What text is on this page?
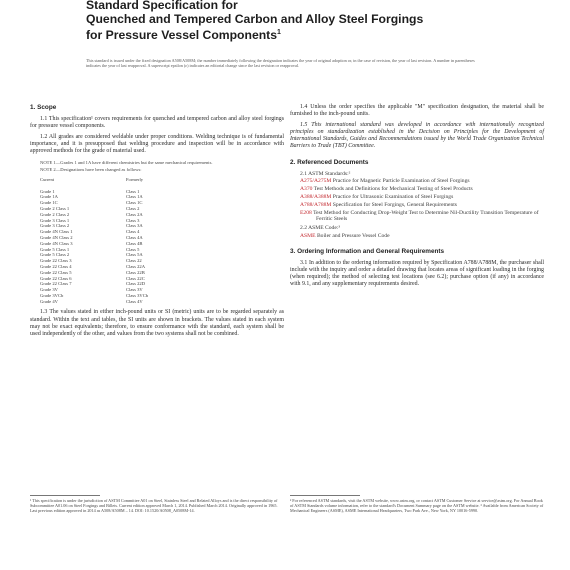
Standard Specification for
Quenched and Tempered Carbon and Alloy Steel Forgings
for Pressure Vessel Components$^1$
This standard is issued under the fixed designation A508/A508M; the number immediately following the designation indicates the year of original adoption or, in the case of revision, the year of last revision. A number in parentheses indicates the year of last reapproval. A superscript epsilon (ε) indicates an editorial change since the last revision or reapproval.
1. Scope

1.1 This specification¹ covers requirements for quenched and tempered carbon and alloy steel forgings for pressure vessel components.

1.2 All grades are considered weldable under proper conditions. Welding technique is of fundamental importance, and it is presupposed that welding procedure and inspection will be in accordance with approved methods for the grade of material used.

NOTE 1—Grades 1 and 1A have different chemistries but the same mechanical requirements.
NOTE 2—Designations have been changed as follows:
Current	Formerly
Grade 1	Class 1
Grade 1A	Class 1A
Grade 1C	Class 1C
Grade 2 Class 1	Class 2
Grade 2 Class 2	Class 2A
Grade 3 Class 1	Class 3
Grade 3 Class 2	Class 3A
Grade 4N Class 1	Class 4
Grade 4N Class 2	Class 4A
Grade 4N Class 3	Class 4B
Grade 5 Class 1	Class 5
Grade 5 Class 2	Class 5A
Grade 22 Class 3	Class 22
Grade 22 Class 4	Class 22A
Grade 22 Class 5	Class 22B
Grade 22 Class 6	Class 22C
Grade 22 Class 7	Class 22D
Grade 3V	Class 3V
Grade 3VCb	Class 3VCb
Grade 4V	Class 4V

1.3 The values stated in either inch-pound units or SI (metric) units are to be regarded separately as standard. Within the text and tables, the SI units are shown in brackets. The values stated in each system may not be exact equivalents; therefore, to ensure conformance with the standard, each system shall be used independently of the other, and values from the two systems shall not be combined.

1.4 Unless the order specifies the applicable "M" specification designation, the material shall be furnished to the inch-pound units.

1.5 This international standard was developed in accordance with internationally recognized principles on standardization established in the Decision on Principles for the Development of International Standards, Guides and Recommendations issued by the World Trade Organization Technical Barriers to Trade (TBT) Committee.

2. Referenced Documents
2.1 ASTM Standards:²
A275/A275M Practice for Magnetic Particle Examination of Steel Forgings
A370 Test Methods and Definitions for Mechanical Testing of Steel Products
A388/A388M Practice for Ultrasonic Examination of Steel Forgings
A788/A788M Specification for Steel Forgings, General Requirements
E208 Test Method for Conducting Drop-Weight Test to Determine Nil-Ductility Transition Temperature of Ferritic Steels
2.2 ASME Code:³
ASME Boiler and Pressure Vessel Code
3. Ordering Information and General Requirements

3.1 In addition to the ordering information required by Specification A788/A788M, the purchaser shall include with the inquiry and order a detailed drawing that locates areas of significant loading in the forging (when required); the method of selecting test locations (see 6.2); purchase option (if any) in accordance with 9.1, and any supplementary requirements desired.

¹ This specification is under the jurisdiction of ASTM Committee A01 on Steel, Stainless Steel and Related Alloys and is the direct responsibility of Subcommittee A01.06 on Steel Forgings and Billets. Current edition approved March 1, 2014. Published March 2014. Originally approved in 1965. Last previous edition approved in 2014 as A508/A508M – 14. DOI: 10.1520/A0508_A0508M-14.
² For referenced ASTM standards, visit the ASTM website, www.astm.org, or contact ASTM Customer Service at service@astm.org. For Annual Book of ASTM Standards volume information, refer to the standard's Document Summary page on the ASTM website. ³ Available from American Society of Mechanical Engineers (ASME), ASME International Headquarters, Two Park Ave., New York, NY 10016-5990.
